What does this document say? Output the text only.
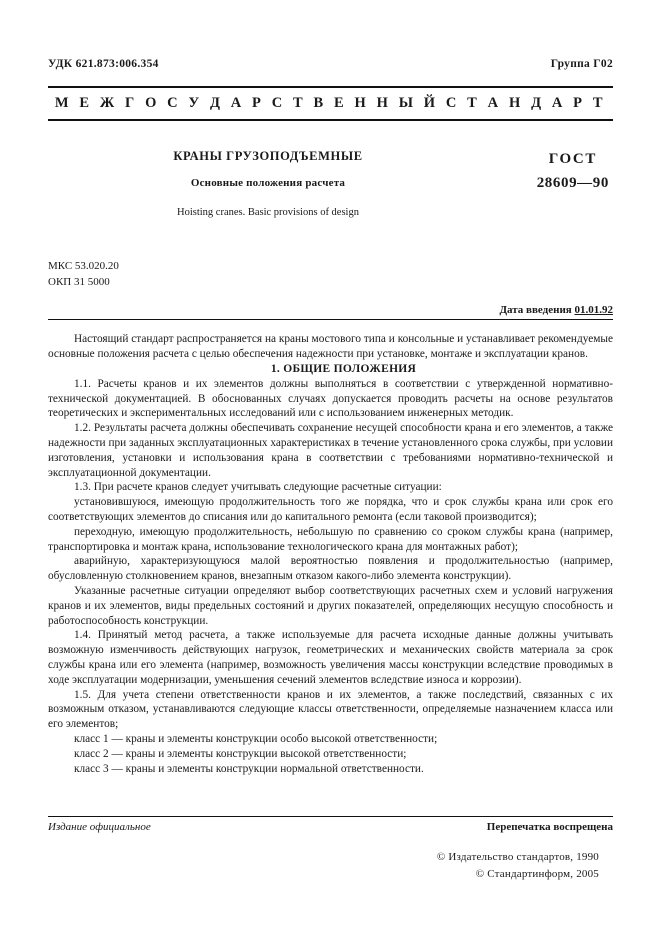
УДК 621.873:006.354	Группа Г02
М Е Ж Г О С У Д А Р С Т В Е Н Н Ы Й С Т А Н Д А Р Т
КРАНЫ ГРУЗОПОДЪЕМНЫЕ
Основные положения расчета
Hoisting cranes. Basic provisions of design
ГОСТ
28609—90
МКС 53.020.20
ОКП 31 5000
Дата введения 01.01.92

Настоящий стандарт распространяется на краны мостового типа и консольные и устанавливает рекомендуемые основные положения расчета с целью обеспечения надежности при установке, монтаже и эксплуатации кранов.

1. ОБЩИЕ ПОЛОЖЕНИЯ

1.1. Расчеты кранов и их элементов должны выполняться в соответствии с утвержденной нормативно-технической документацией. В обоснованных случаях допускается проводить расчеты на основе результатов теоретических и экспериментальных исследований или с использованием инженерных методик.

1.2. Результаты расчета должны обеспечивать сохранение несущей способности крана и его элементов, а также надежности при заданных эксплуатационных характеристиках в течение установленного срока службы, при условии изготовления, установки и использования крана в соответствии с требованиями нормативно-технической и эксплуатационной документации.

1.3. При расчете кранов следует учитывать следующие расчетные ситуации:

установившуюся, имеющую продолжительность того же порядка, что и срок службы крана или срок его соответствующих элементов до списания или до капитального ремонта (если таковой производится);

переходную, имеющую продолжительность, небольшую по сравнению со сроком службы крана (например, транспортировка и монтаж крана, использование технологического крана для монтажных работ);

аварийную, характеризующуюся малой вероятностью появления и продолжительностью (например, обусловленную столкновением кранов, внезапным отказом какого-либо элемента конструкции).

Указанные расчетные ситуации определяют выбор соответствующих расчетных схем и условий нагружения кранов и их элементов, виды предельных состояний и других показателей, определяющих несущую способность и работоспособность конструкции.

1.4. Принятый метод расчета, а также используемые для расчета исходные данные должны учитывать возможную изменчивость действующих нагрузок, геометрических и механических свойств материала за срок службы крана или его элемента (например, возможность увеличения массы конструкции вследствие проводимых в ходе эксплуатации модернизации, уменьшения сечений элементов вследствие износа и коррозии).

1.5. Для учета степени ответственности кранов и их элементов, а также последствий, связанных с их возможным отказом, устанавливаются следующие классы ответственности, определяемые назначением класса или его элементов;

класс 1 — краны и элементы конструкции особо высокой ответственности;

класс 2 — краны и элементы конструкции высокой ответственности;

класс 3 — краны и элементы конструкции нормальной ответственности.

Издание официальное	Перепечатка воспрещена
© Издательство стандартов, 1990
© Стандартинформ, 2005
